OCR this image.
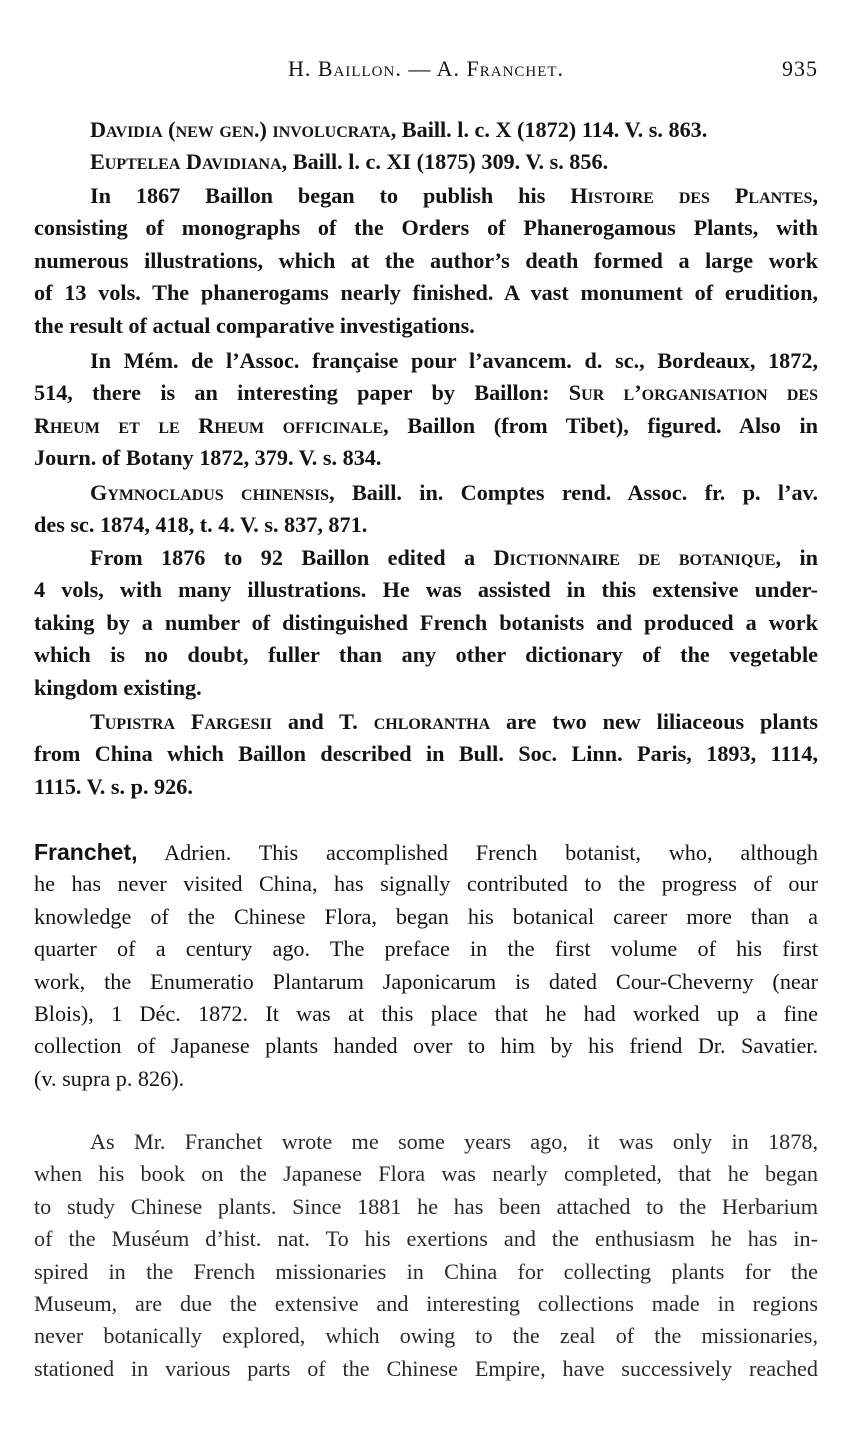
H. Baillon. — A. Franchet.	935
Davidia (new gen.) involucrata, Baill. l. c. X (1872) 114. V. s. 863.
Euptelea Davidiana, Baill. l. c. XI (1875) 309. V. s. 856.
In 1867 Baillon began to publish his Histoire des Plantes,
consisting of monographs of the Orders of Phanerogamous Plants, with
numerous illustrations, which at the author’s death formed a large work
of 13 vols. The phanerogams nearly finished. A vast monument of erudition,
the result of actual comparative investigations.
In Mém. de l’Assoc. française pour l’avancem. d. sc., Bordeaux, 1872,
514, there is an interesting paper by Baillon: Sur l’organisation des
Rheum et le Rheum officinale, Baillon (from Tibet), figured. Also in
Journ. of Botany 1872, 379. V. s. 834.
Gymnocladus chinensis, Baill. in. Comptes rend. Assoc. fr. p. l’av.
des sc. 1874, 418, t. 4. V. s. 837, 871.
From 1876 to 92 Baillon edited a Dictionnaire de botanique, in
4 vols, with many illustrations. He was assisted in this extensive under-
taking by a number of distinguished French botanists and produced a work
which is no doubt, fuller than any other dictionary of the vegetable
kingdom existing.
Tupistra Fargesii and T. chlorantha are two new liliaceous plants
from China which Baillon described in Bull. Soc. Linn. Paris, 1893, 1114,
1115. V. s. p. 926.
Franchet, Adrien. This accomplished French botanist, who, although
he has never visited China, has signally contributed to the progress of our
knowledge of the Chinese Flora, began his botanical career more than a
quarter of a century ago. The preface in the first volume of his first
work, the Enumeratio Plantarum Japonicarum is dated Cour-Cheverny (near
Blois), 1 Déc. 1872. It was at this place that he had worked up a fine
collection of Japanese plants handed over to him by his friend Dr. Savatier.
(v. supra p. 826).
As Mr. Franchet wrote me some years ago, it was only in 1878,
when his book on the Japanese Flora was nearly completed, that he began
to study Chinese plants. Since 1881 he has been attached to the Herbarium
of the Muséum d’hist. nat. To his exertions and the enthusiasm he has in-
spired in the French missionaries in China for collecting plants for the
Museum, are due the extensive and interesting collections made in regions
never botanically explored, which owing to the zeal of the missionaries,
stationed in various parts of the Chinese Empire, have successively reached
